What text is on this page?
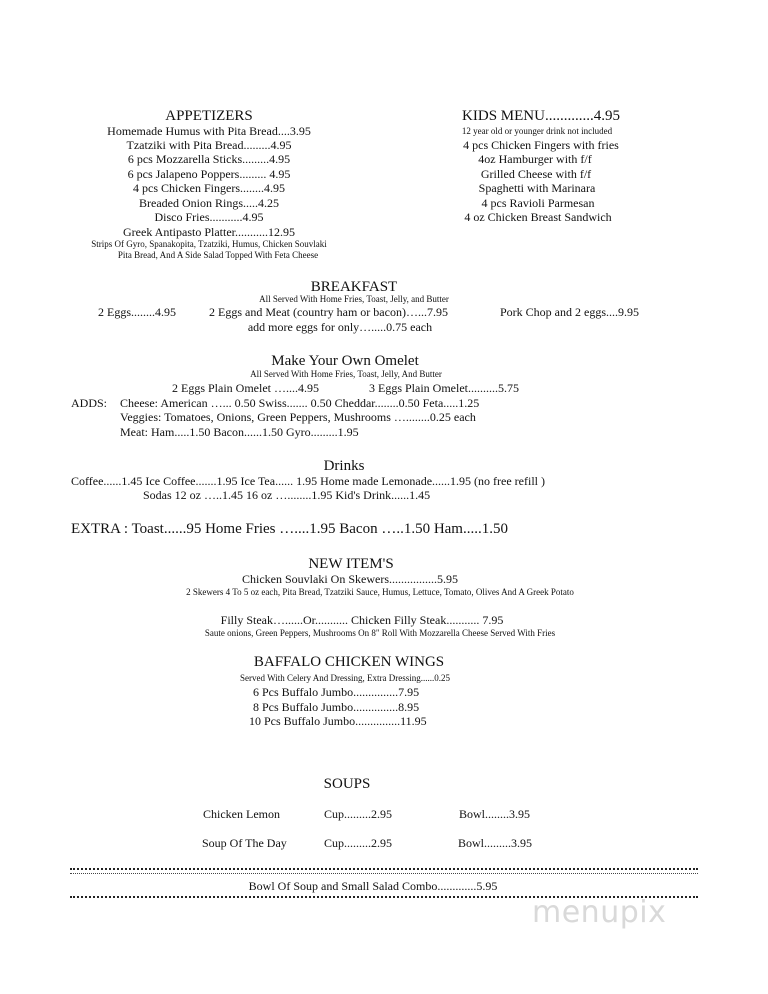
APPETIZERS
Homemade Humus with Pita Bread....3.95
Tzatziki with Pita Bread.........4.95
6 pcs Mozzarella Sticks.........4.95
6 pcs Jalapeno Poppers......... 4.95
4 pcs Chicken Fingers........4.95
Breaded Onion Rings.....4.25
Disco Fries...........4.95
Greek Antipasto Platter...........12.95
Strips Of Gyro, Spanakopita, Tzatziki, Humus, Chicken Souvlaki
Pita Bread, And A Side Salad Topped With Feta Cheese
KIDS MENU.............4.95
12 year old or younger drink not included
4 pcs Chicken Fingers with fries
4oz Hamburger with f/f
Grilled Cheese with f/f
Spaghetti with Marinara
4 pcs Ravioli Parmesan
4 oz Chicken Breast Sandwich
BREAKFAST
All Served With Home Fries, Toast, Jelly, and Butter
2 Eggs........4.95	2 Eggs and Meat (country ham or bacon)…...7.95	Pork Chop and 2 eggs....9.95
add more eggs for only….....0.75 each
Make Your Own Omelet
All Served With Home Fries, Toast, Jelly, And Butter
2 Eggs Plain Omelet …....4.95	3 Eggs Plain Omelet..........5.75
ADDS: Cheese: American …... 0.50 Swiss....... 0.50 Cheddar........0.50 Feta.....1.25
Veggies: Tomatoes, Onions, Green Peppers, Mushrooms …........0.25 each
Meat: Ham.....1.50 Bacon......1.50 Gyro.........1.95
Drinks
Coffee......1.45 Ice Coffee.......1.95 Ice Tea...... 1.95 Home made Lemonade......1.95 (no free refill )
Sodas 12 oz …..1.45 16 oz …........1.95 Kid's Drink......1.45
EXTRA : Toast......95 Home Fries …....1.95 Bacon …..1.50 Ham.....1.50
NEW ITEM'S
Chicken Souvlaki On Skewers................5.95
2 Skewers 4 To 5 oz each, Pita Bread, Tzatziki Sauce, Humus, Lettuce, Tomato, Olives And A Greek Potato
Filly Steak…......Or........... Chicken Filly Steak........... 7.95
Saute onions, Green Peppers, Mushrooms On 8" Roll With Mozzarella Cheese Served With Fries
BAFFALO CHICKEN WINGS
Served With Celery And Dressing, Extra Dressing......0.25
6 Pcs Buffalo Jumbo...............7.95
8 Pcs Buffalo Jumbo...............8.95
10 Pcs Buffalo Jumbo...............11.95
SOUPS
Chicken Lemon	Cup.........2.95	Bowl........3.95
Soup Of The Day	Cup.........2.95	Bowl.........3.95
Bowl Of Soup and Small Salad Combo.............5.95
menupix
